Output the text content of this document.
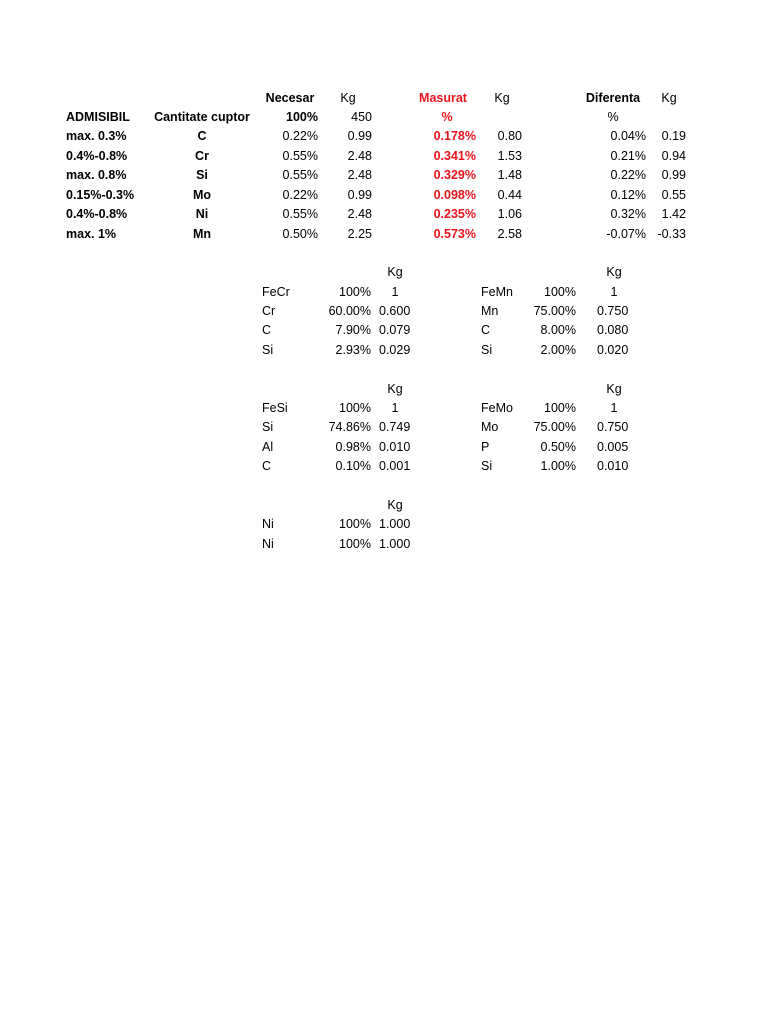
Necesar Kg	Masurat Kg	Diferenta Kg
ADMISIBIL Cantitate cuptor	100%	450	%	%
max. 0.3%	C	0.22% 0.99	0.178% 0.80	0.04% 0.19
0.4%-0.8%	Cr	0.55% 2.48	0.341% 1.53	0.21% 0.94
max. 0.8%	Si	0.55% 2.48	0.329% 1.48	0.22% 0.99
0.15%-0.3%	Mo	0.22% 0.99	0.098% 0.44	0.12% 0.55
0.4%-0.8%	Ni	0.55% 2.48	0.235% 1.06	0.32% 1.42
max. 1%	Mn	0.50% 2.25	0.573% 2.58	-0.07% -0.33
Kg
FeCr	100% 1
Cr	60.00% 0.600
C	7.90% 0.079
Si	2.93% 0.029
Kg
FeMn 100%	1
Mn	75.00% 0.750
C	8.00% 0.080
Si	2.00% 0.020
Kg
FeSi	100% 1
Si	74.86% 0.749
Al	0.98% 0.010
C	0.10% 0.001
Kg
FeMo 100%	1
Mo	75.00% 0.750
P	0.50% 0.005
Si	1.00% 0.010
Kg
Ni	100% 1.000
Ni	100% 1.000
